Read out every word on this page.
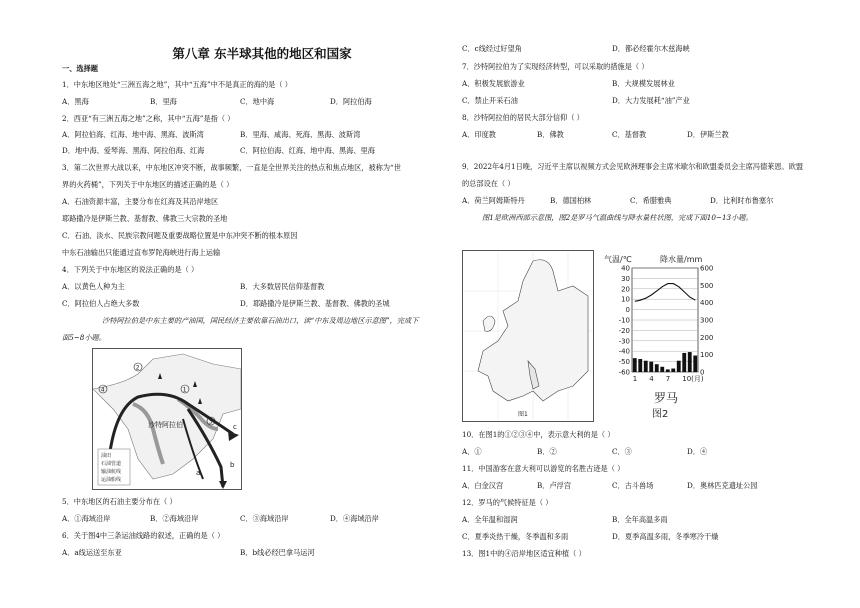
第八章 东半球其他的地区和国家
一、选择题
1．中东地区地处“三洲五海之地”，其中“五海”中不是真正的海的是（ ）
A．黑海	B．里海	C．地中海	D．阿拉伯海
2．西亚“有三洲五海之地”之称，其中“五海”是指（ ）
A．阿拉伯海、红海、地中海、黑海、波斯湾	B．里海、咸海、死海、黑海、波斯湾
D．地中海、爱琴海、黑海、阿拉伯海、红海	C．阿拉伯海、红海、地中海、黑海、里海
3．第二次世界大战以来，中东地区冲突不断，战事频繁，一直是全世界关注的热点和焦点地区，被称为“世
界的火药桶”，下列关于中东地区的描述正确的是（ ）
A．石油资源丰富，主要分布在红海及其沿岸地区
耶路撒冷是伊斯兰教、基督教、佛教三大宗教的圣地
C．石油、淡水、民族宗教问题及重要战略位置是中东冲突不断的根本原因
中东石油输出只能通过直布罗陀海峡进行海上运输
4．下列关于中东地区的说法正确的是（ ）
A．以黄色人种为主	B．大多数居民信仰基督教
C．阿拉伯人占绝大多数	D．耶路撒冷是伊斯兰教、基督教、佛教的圣城
沙特阿拉伯是中东主要的产油国，国民经济主要依靠石油出口，读“中东及周边地区示意图”，完成下
面5~8小题。
沙特阿拉伯	c
b
a
4
2
3
1
油田
石油管道
输油航线
运油船线
5．中东地区的石油主要分布在（ ）
A．①海域沿岸	B．②海域沿岸	C．③海域沿岸	D．④海域沿岸
6．关于图4中三条运油线路的叙述，正确的是（ ）
A．a线运送至东亚	B．b线必经巴拿马运河
C．c线经过好望角	D．都必经霍尔木兹海峡
7．沙特阿拉伯为了实现经济转型，可以采取的措施是（ ）
A．积极发展旅游业	B．大规模发展林业
C．禁止开采石油	D．大力发展耗“油”产业
8．沙特阿拉伯的居民大部分信仰（ ）
A．印度教	B．佛教	C．基督教	D．伊斯兰教
9．2022年4月1日晚，习近平主席以视频方式会见欧洲理事会主席米歇尔和欧盟委员会主席冯德莱恩。欧盟
的总部设在（ ）
A．荷兰阿姆斯特丹	B．德国柏林	C．希腊雅典	D．比利时布鲁塞尔
图1是欧洲西部示意图，图2是罗马气温曲线与降水量柱状图，完成下面10~13小题。
图1
气温/℃	降水量/mm
40
30
20
10
0
-10
-20
-30
-40
-50
-60
600
500
400
300
200
100
0
1 4 7 10(月)
罗马
图2
10．在图1的①②③④中，表示意大利的是（ ）
A．①	B．②	C．③	D．④
11．中国游客在意大利可以游览的名胜古迹是（ ）
A．白金汉宫	B．卢浮宫	C．古斗兽场	D．奥林匹克遗址公园
12．罗马的气候特征是（ ）
A．全年温和湿润	B．全年高温多雨
C．夏季炎热干燥，冬季温和多雨	D．夏季高温多雨，冬季寒冷干燥
13．图1中的④沿岸地区适宜种植（ ）
